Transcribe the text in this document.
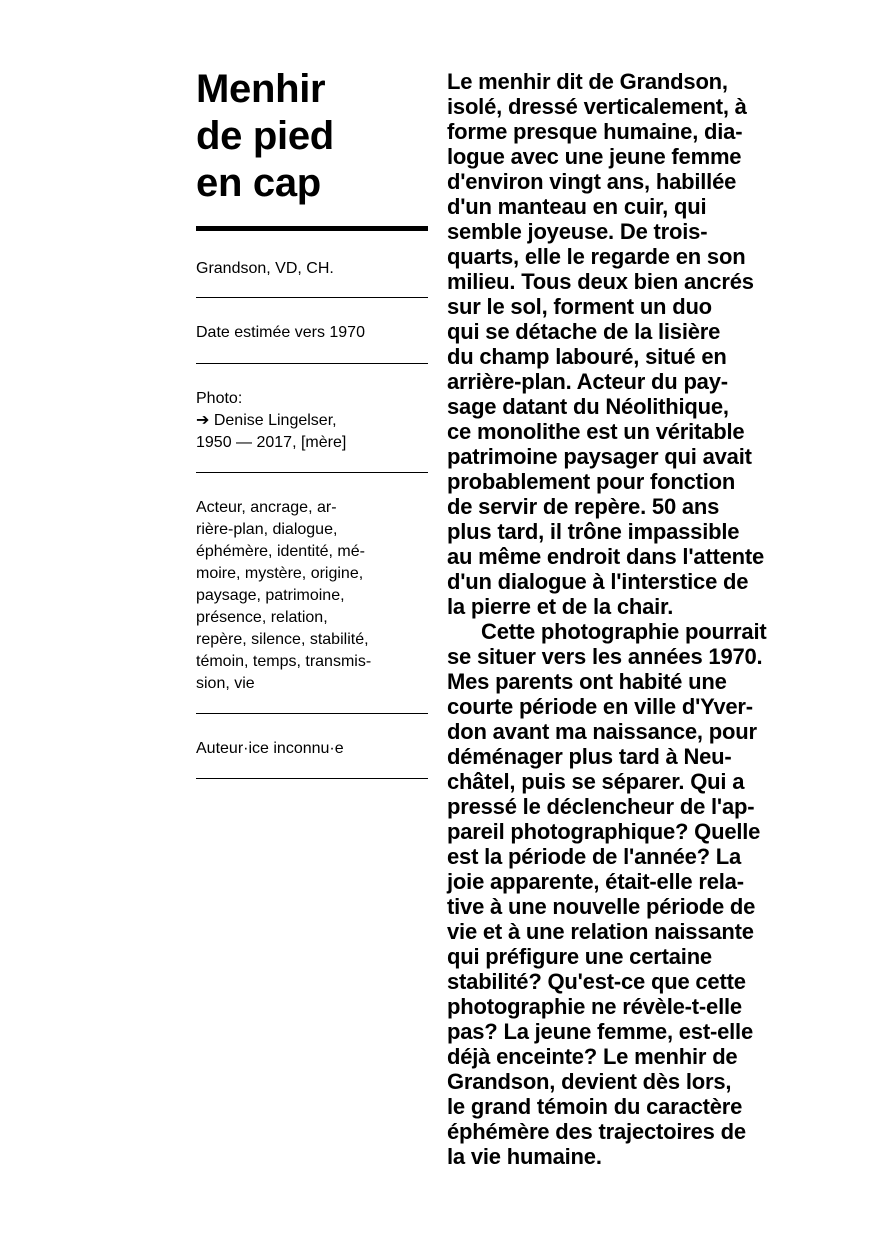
Menhir
de pied
en cap

Grandson, VD, CH.

Date estimée vers 1970

Photo:
➔ Denise Lingelser,
1950 — 2017, [mère]
Acteur, ancrage, ar-
rière-plan, dialogue,
éphémère, identité, mé-
moire, mystère, origine,
paysage, patrimoine,
présence, relation,
repère, silence, stabilité,
témoin, temps, transmis-
sion, vie

Auteur·ice inconnu·e

Le menhir dit de Grandson,
isolé, dressé verticalement, à
forme presque humaine, dia-
logue avec une jeune femme
d'environ vingt ans, habillée
d'un manteau en cuir, qui
semble joyeuse. De trois-
quarts, elle le regarde en son
milieu. Tous deux bien ancrés
sur le sol, forment un duo
qui se détache de la lisière
du champ labouré, situé en
arrière-plan. Acteur du pay-
sage datant du Néolithique,
ce monolithe est un véritable
patrimoine paysager qui avait
probablement pour fonction
de servir de repère. 50 ans
plus tard, il trône impassible
au même endroit dans l'attente
d'un dialogue à l'interstice de
la pierre et de la chair.
Cette photographie pourrait
se situer vers les années 1970.
Mes parents ont habité une
courte période en ville d'Yver-
don avant ma naissance, pour
déménager plus tard à Neu-
châtel, puis se séparer. Qui a
pressé le déclencheur de l'ap-
pareil photographique? Quelle
est la période de l'année? La
joie apparente, était-elle rela-
tive à une nouvelle période de
vie et à une relation naissante
qui préfigure une certaine
stabilité? Qu'est-ce que cette
photographie ne révèle-t-elle
pas? La jeune femme, est-elle
déjà enceinte? Le menhir de
Grandson, devient dès lors,
le grand témoin du caractère
éphémère des trajectoires de
la vie humaine.
